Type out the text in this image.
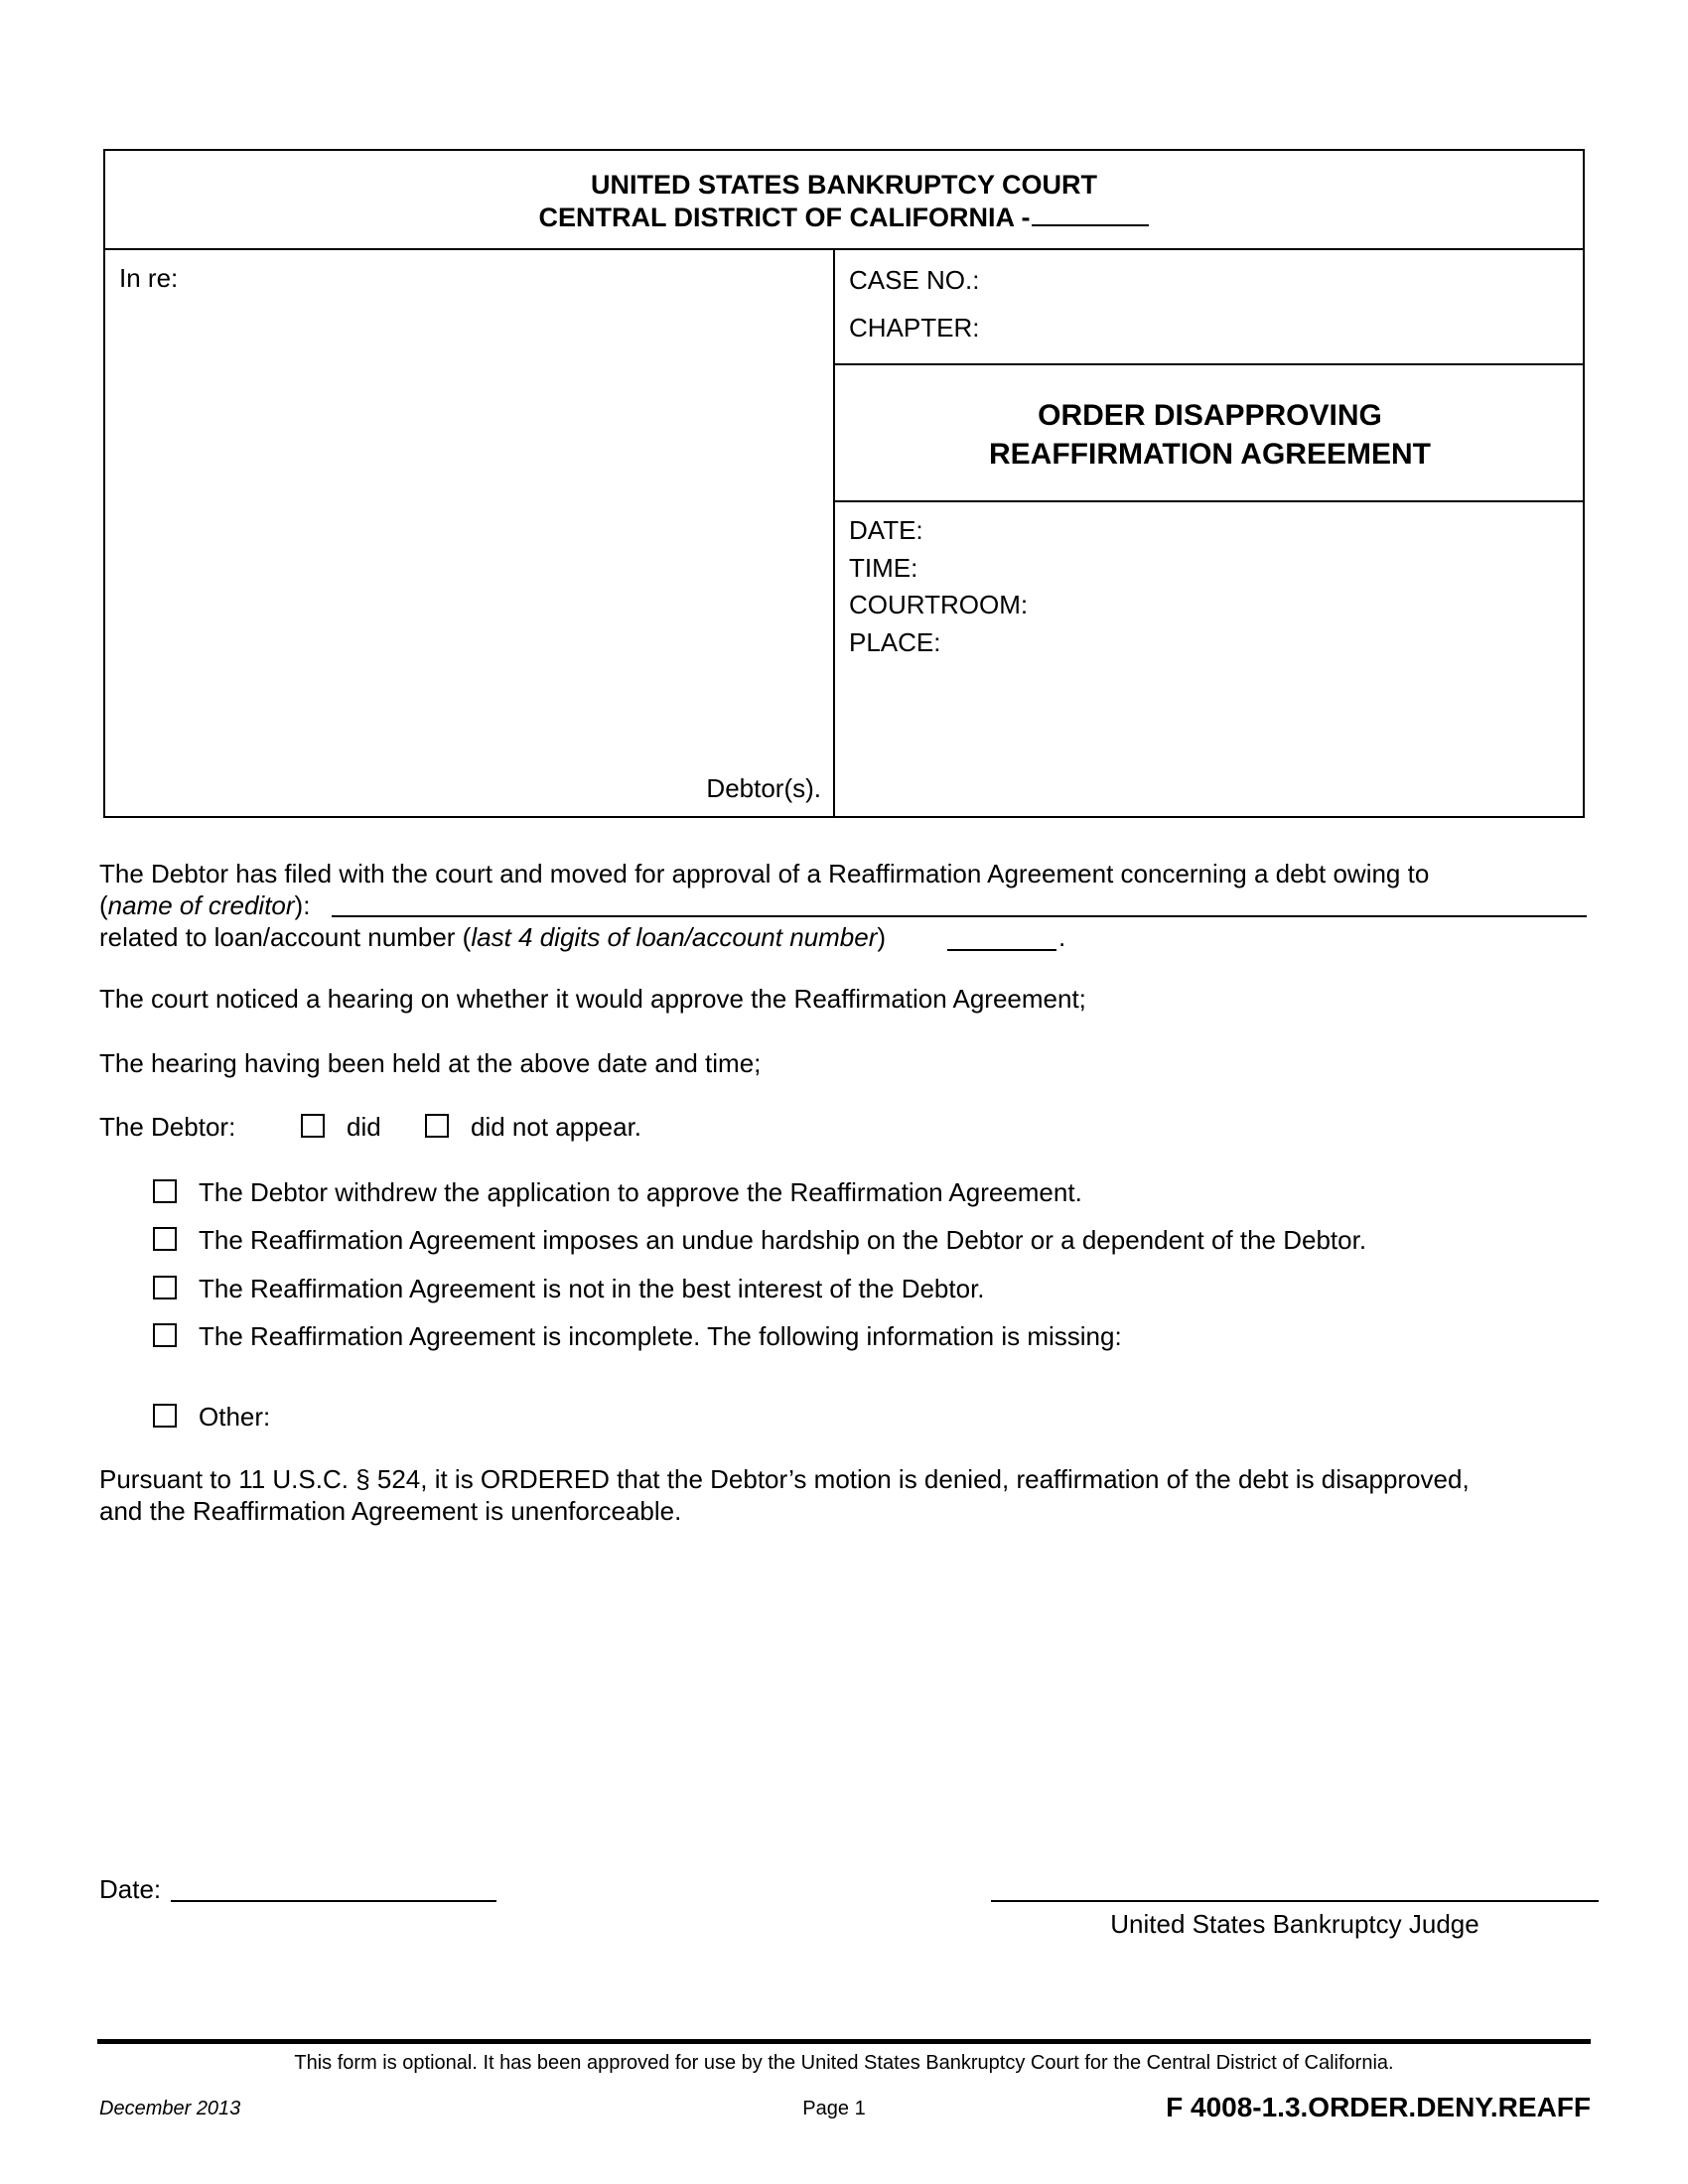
UNITED STATES BANKRUPTCY COURT
CENTRAL DISTRICT OF CALIFORNIA -
In re:
Debtor(s).
CASE NO.:
CHAPTER:
ORDER DISAPPROVING
REAFFIRMATION AGREEMENT
DATE:
TIME:
COURTROOM:
PLACE:
The Debtor has filed with the court and moved for approval of a Reaffirmation Agreement concerning a debt owing to
(name of creditor):
related to loan/account number (last 4 digits of loan/account number)	.
The court noticed a hearing on whether it would approve the Reaffirmation Agreement;
The hearing having been held at the above date and time;
The Debtor:	did	did not appear.
The Debtor withdrew the application to approve the Reaffirmation Agreement.
The Reaffirmation Agreement imposes an undue hardship on the Debtor or a dependent of the Debtor.
The Reaffirmation Agreement is not in the best interest of the Debtor.
The Reaffirmation Agreement is incomplete. The following information is missing:
Other:
Pursuant to 11 U.S.C. § 524, it is ORDERED that the Debtor’s motion is denied, reaffirmation of the debt is disapproved,
and the Reaffirmation Agreement is unenforceable.
Date:
United States Bankruptcy Judge
This form is optional. It has been approved for use by the United States Bankruptcy Court for the Central District of California.
December 2013	Page 1	F 4008-1.3.ORDER.DENY.REAFF
